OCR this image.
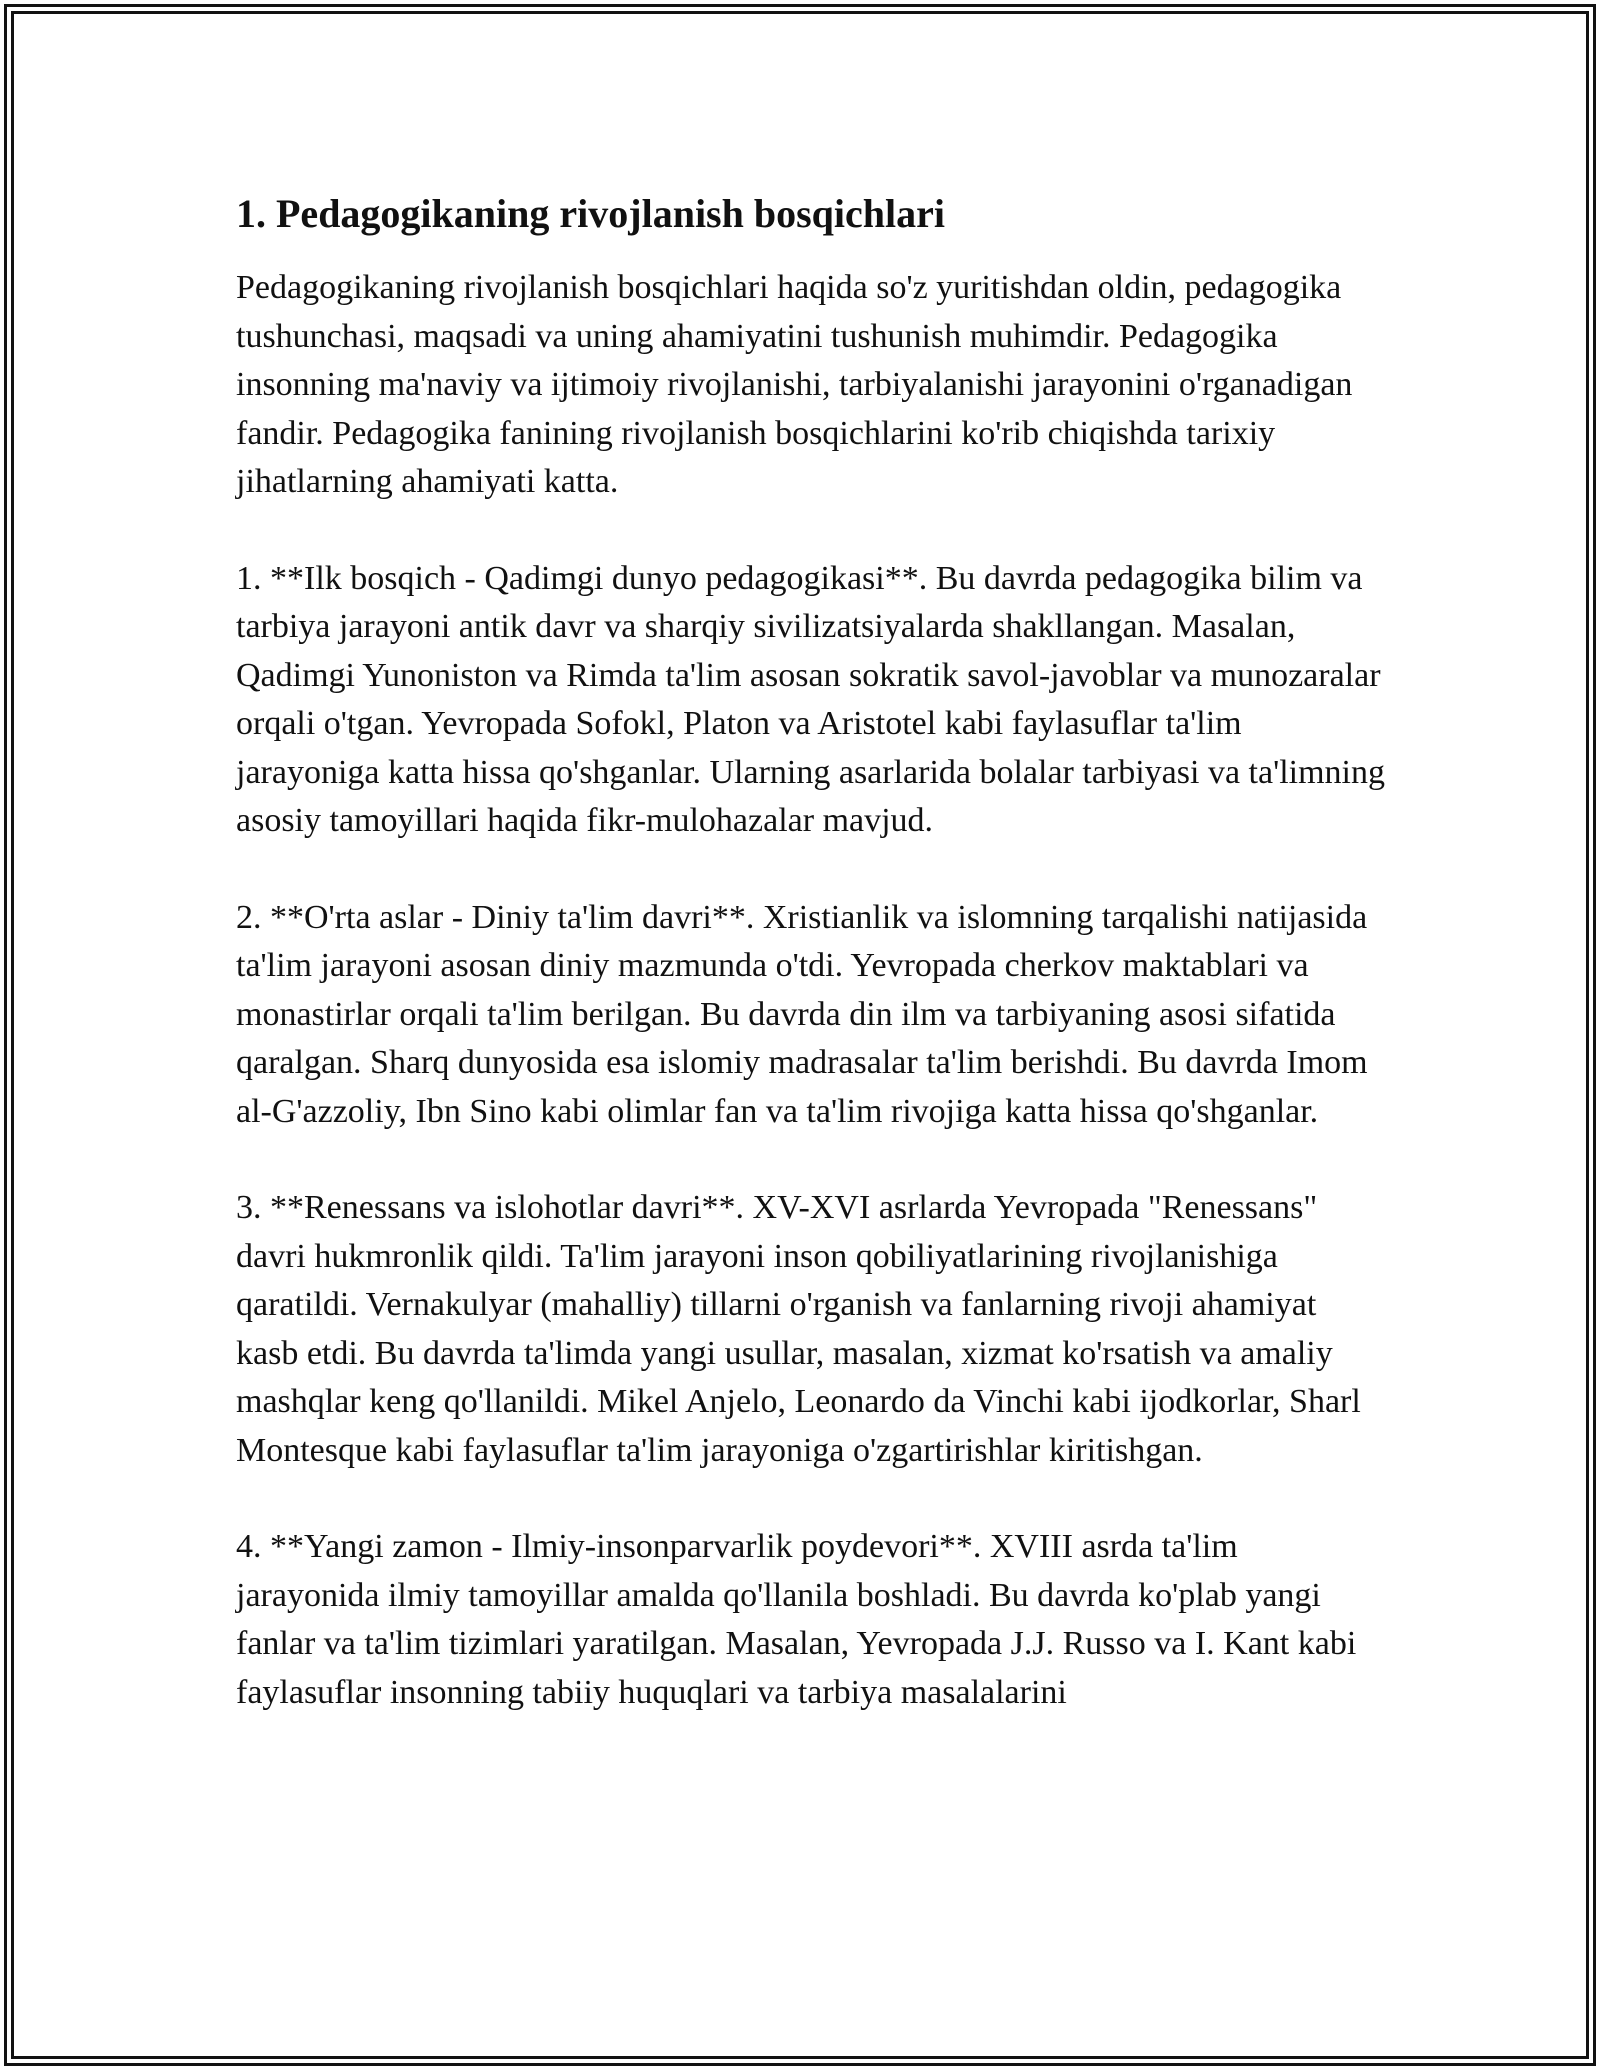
1. Pedagogikaning rivojlanish bosqichlari

Pedagogikaning rivojlanish bosqichlari haqida so'z yuritishdan oldin, pedagogika tushunchasi, maqsadi va uning ahamiyatini tushunish muhimdir. Pedagogika insonning ma'naviy va ijtimoiy rivojlanishi, tarbiyalanishi jarayonini o'rganadigan fandir. Pedagogika fanining rivojlanish bosqichlarini ko'rib chiqishda tarixiy jihatlarning ahamiyati katta.

1. **Ilk bosqich - Qadimgi dunyo pedagogikasi**. Bu davrda pedagogika bilim va tarbiya jarayoni antik davr va sharqiy sivilizatsiyalarda shakllangan. Masalan, Qadimgi Yunoniston va Rimda ta'lim asosan sokratik savol-javoblar va munozaralar orqali o'tgan. Yevropada Sofokl, Platon va Aristotel kabi faylasuflar ta'lim jarayoniga katta hissa qo'shganlar. Ularning asarlarida bolalar tarbiyasi va ta'limning asosiy tamoyillari haqida fikr-mulohazalar mavjud.

2. **O'rta aslar - Diniy ta'lim davri**. Xristianlik va islomning tarqalishi natijasida ta'lim jarayoni asosan diniy mazmunda o'tdi. Yevropada cherkov maktablari va monastirlar orqali ta'lim berilgan. Bu davrda din ilm va tarbiyaning asosi sifatida qaralgan. Sharq dunyosida esa islomiy madrasalar ta'lim berishdi. Bu davrda Imom al-G'azzoliy, Ibn Sino kabi olimlar fan va ta'lim rivojiga katta hissa qo'shganlar.

3. **Renessans va islohotlar davri**. XV-XVI asrlarda Yevropada "Renessans" davri hukmronlik qildi. Ta'lim jarayoni inson qobiliyatlarining rivojlanishiga qaratildi. Vernakulyar (mahalliy) tillarni o'rganish va fanlarning rivoji ahamiyat kasb etdi. Bu davrda ta'limda yangi usullar, masalan, xizmat ko'rsatish va amaliy mashqlar keng qo'llanildi. Mikel Anjelo, Leonardo da Vinchi kabi ijodkorlar, Sharl Montesque kabi faylasuflar ta'lim jarayoniga o'zgartirishlar kiritishgan.

4. **Yangi zamon - Ilmiy-insonparvarlik poydevori**. XVIII asrda ta'lim jarayonida ilmiy tamoyillar amalda qo'llanila boshladi. Bu davrda ko'plab yangi fanlar va ta'lim tizimlari yaratilgan. Masalan, Yevropada J.J. Russo va I. Kant kabi faylasuflar insonning tabiiy huquqlari va tarbiya masalalarini
